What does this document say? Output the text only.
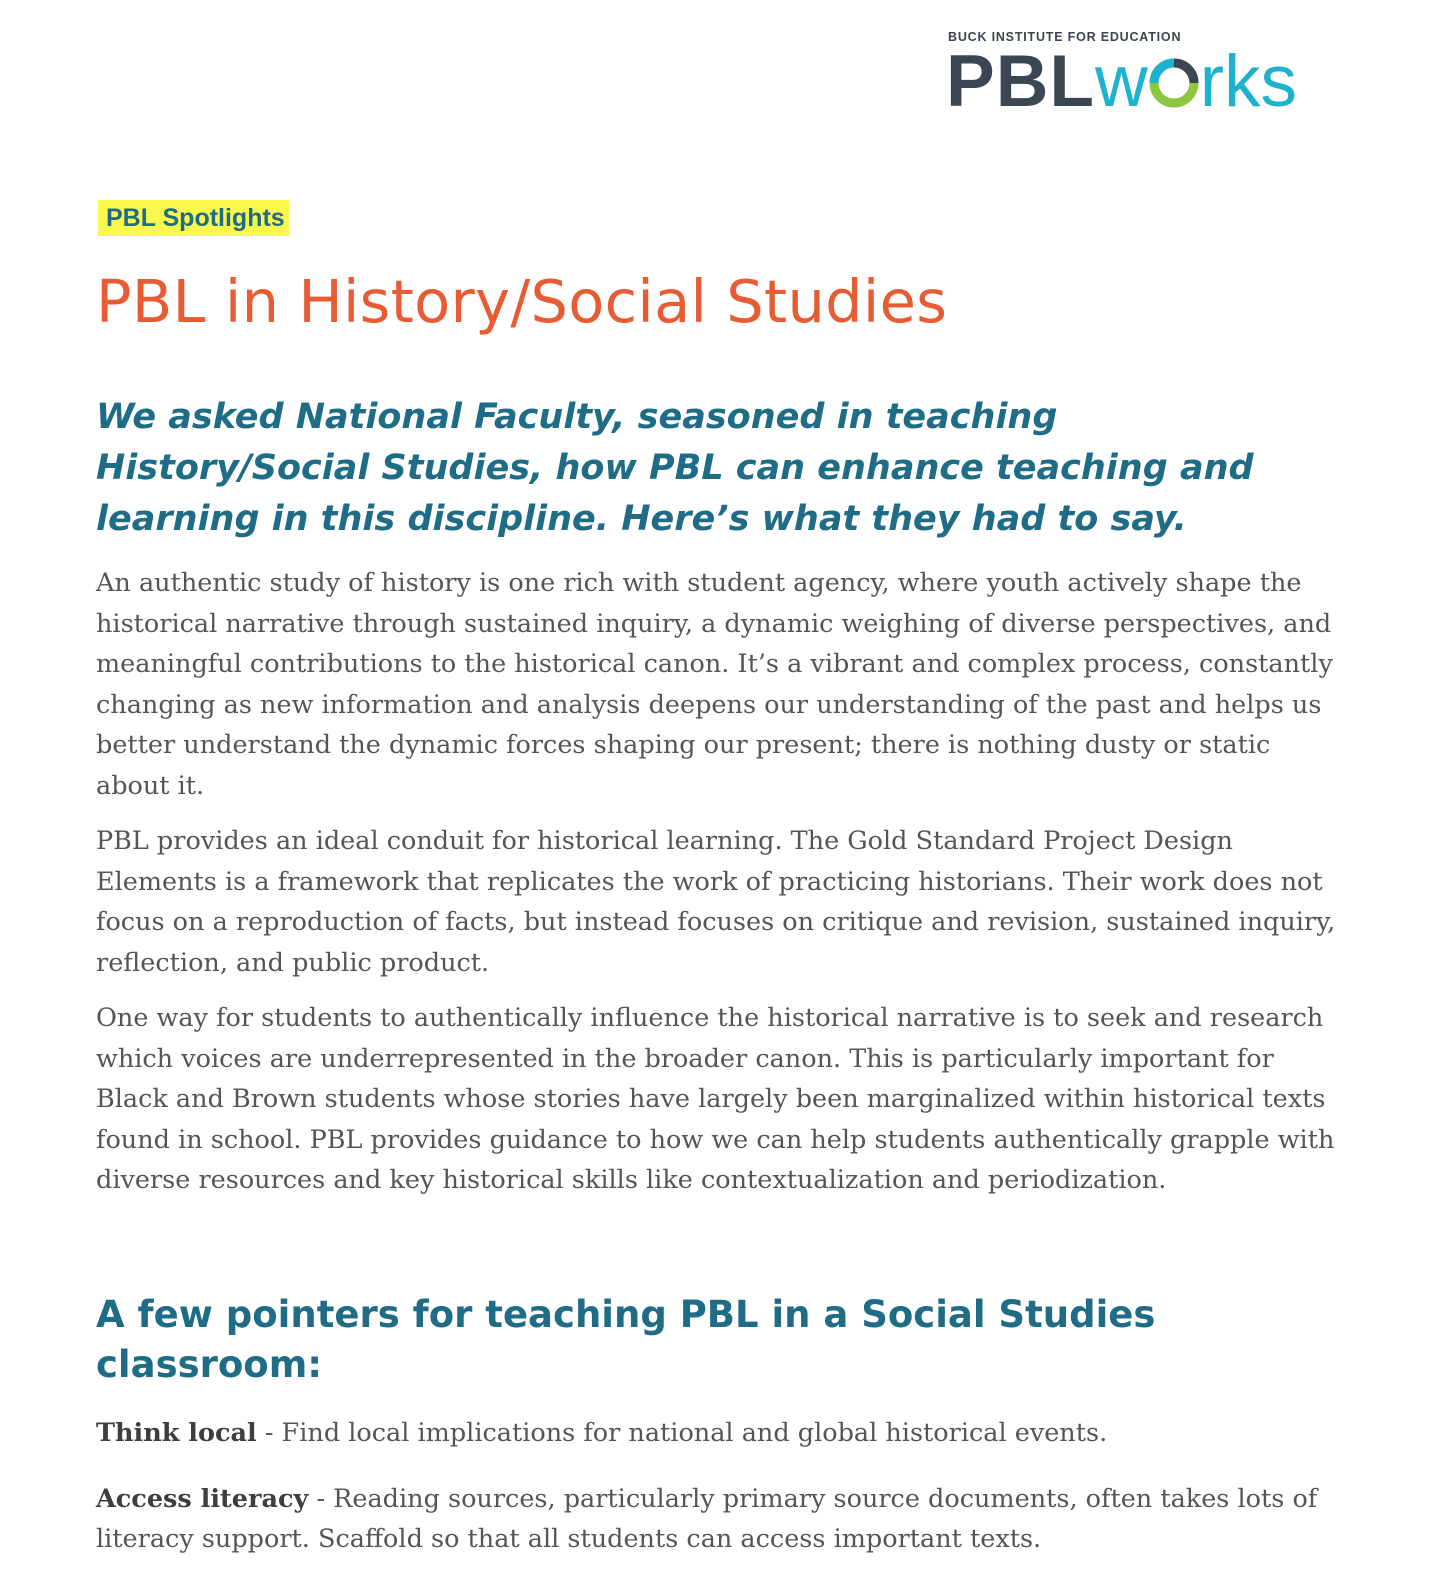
BUCK INSTITUTE FOR EDUCATION
PBLw rks
PBL Spotlights
PBL in History/Social Studies
We asked National Faculty, seasoned in teaching History/Social Studies, how PBL can enhance teaching and learning in this discipline. Here’s what they had to say.

An authentic study of history is one rich with student agency, where youth actively shape the historical narrative through sustained inquiry, a dynamic weighing of diverse perspectives, and meaningful contributions to the historical canon. It’s a vibrant and complex process, constantly changing as new information and analysis deepens our understanding of the past and helps us better understand the dynamic forces shaping our present; there is nothing dusty or static about it.

PBL provides an ideal conduit for historical learning. The Gold Standard Project Design Elements is a framework that replicates the work of practicing historians. Their work does not focus on a reproduction of facts, but instead focuses on critique and revision, sustained inquiry, reflection, and public product.

One way for students to authentically influence the historical narrative is to seek and research which voices are underrepresented in the broader canon. This is particularly important for Black and Brown students whose stories have largely been marginalized within historical texts found in school. PBL provides guidance to how we can help students authentically grapple with diverse resources and key historical skills like contextualization and periodization.

A few pointers for teaching PBL in a Social Studies classroom:

Think local - Find local implications for national and global historical events.

Access literacy - Reading sources, particularly primary source documents, often takes lots of literacy support. Scaffold so that all students can access important texts.
